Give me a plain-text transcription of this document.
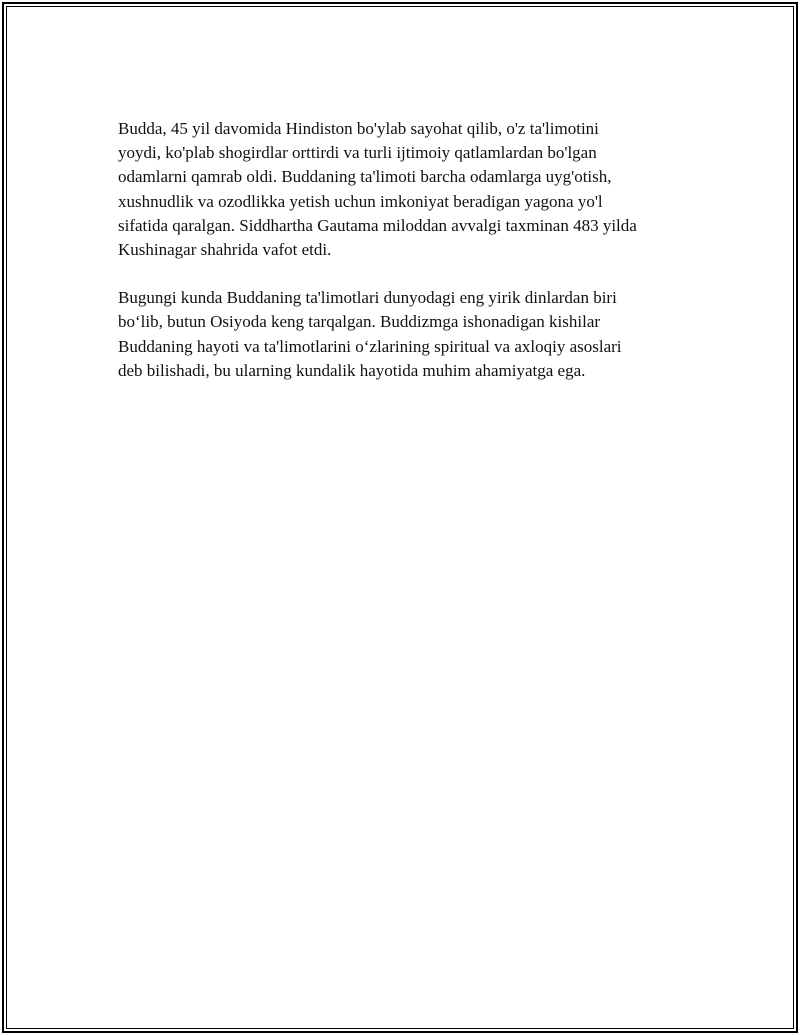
Budda, 45 yil davomida Hindiston bo'ylab sayohat qilib, o'z ta'limotini
yoydi, ko'plab shogirdlar orttirdi va turli ijtimoiy qatlamlardan bo'lgan
odamlarni qamrab oldi. Buddaning ta'limoti barcha odamlarga uyg'otish,
xushnudlik va ozodlikka yetish uchun imkoniyat beradigan yagona yo'l
sifatida qaralgan. Siddhartha Gautama miloddan avvalgi taxminan 483 yilda
Kushinagar shahrida vafot etdi.

Bugungi kunda Buddaning ta'limotlari dunyodagi eng yirik dinlardan biri
bo‘lib, butun Osiyoda keng tarqalgan. Buddizmga ishonadigan kishilar
Buddaning hayoti va ta'limotlarini o‘zlarining spiritual va axloqiy asoslari
deb bilishadi, bu ularning kundalik hayotida muhim ahamiyatga ega.
